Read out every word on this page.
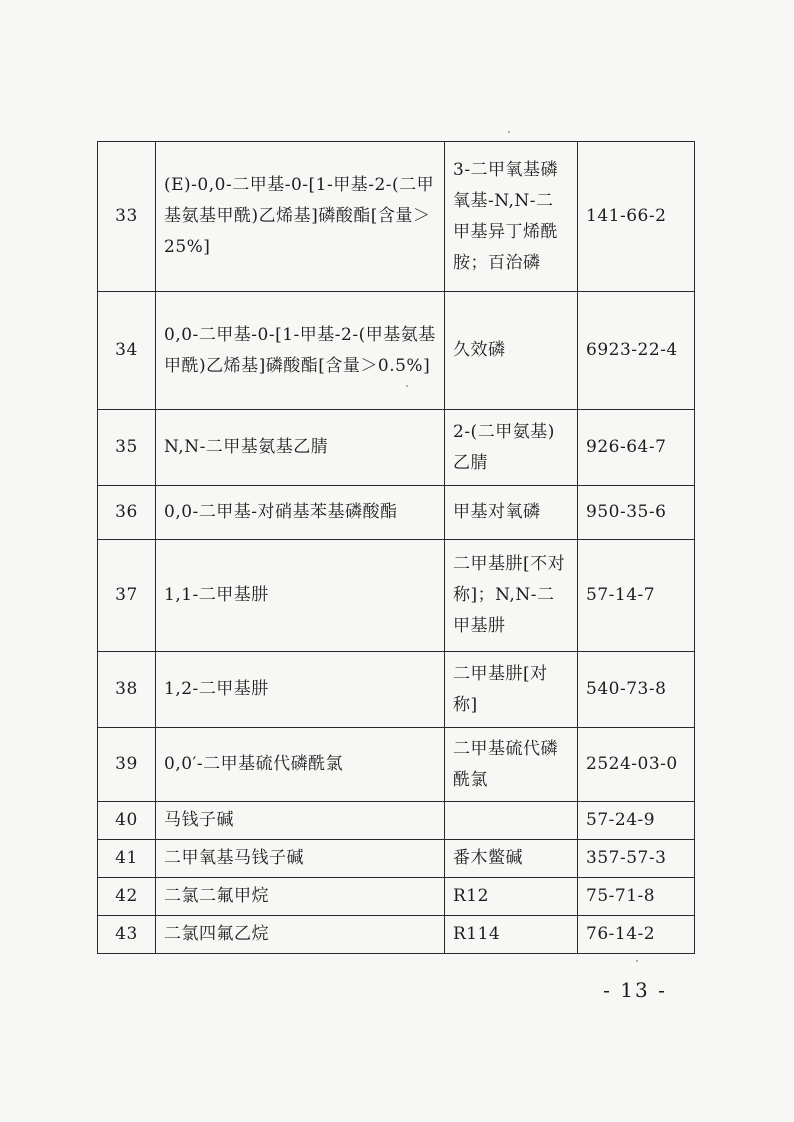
33	(E)-0,0-二甲基-0-[1-甲基-2-(二甲基氨基甲酰)乙烯基]磷酸酯[含量＞25%]	3-二甲氧基磷氧基-N,N-二甲基异丁烯酰胺；百治磷	141-66-2
34	0,0-二甲基-0-[1-甲基-2-(甲基氨基甲酰)乙烯基]磷酸酯[含量＞0.5%]	久效磷	6923-22-4
35	N,N-二甲基氨基乙腈	2-(二甲氨基)乙腈	926-64-7
36	0,0-二甲基-对硝基苯基磷酸酯	甲基对氧磷	950-35-6
37	1,1-二甲基肼	二甲基肼[不对称]；N,N-二甲基肼	57-14-7
38	1,2-二甲基肼	二甲基肼[对称]	540-73-8
39	0,0′-二甲基硫代磷酰氯	二甲基硫代磷酰氯	2524-03-0
40	马钱子碱		57-24-9
41	二甲氧基马钱子碱	番木鳖碱	357-57-3
42	二氯二氟甲烷	R12	75-71-8
43	二氯四氟乙烷	R114	76-14-2
- 13 -
